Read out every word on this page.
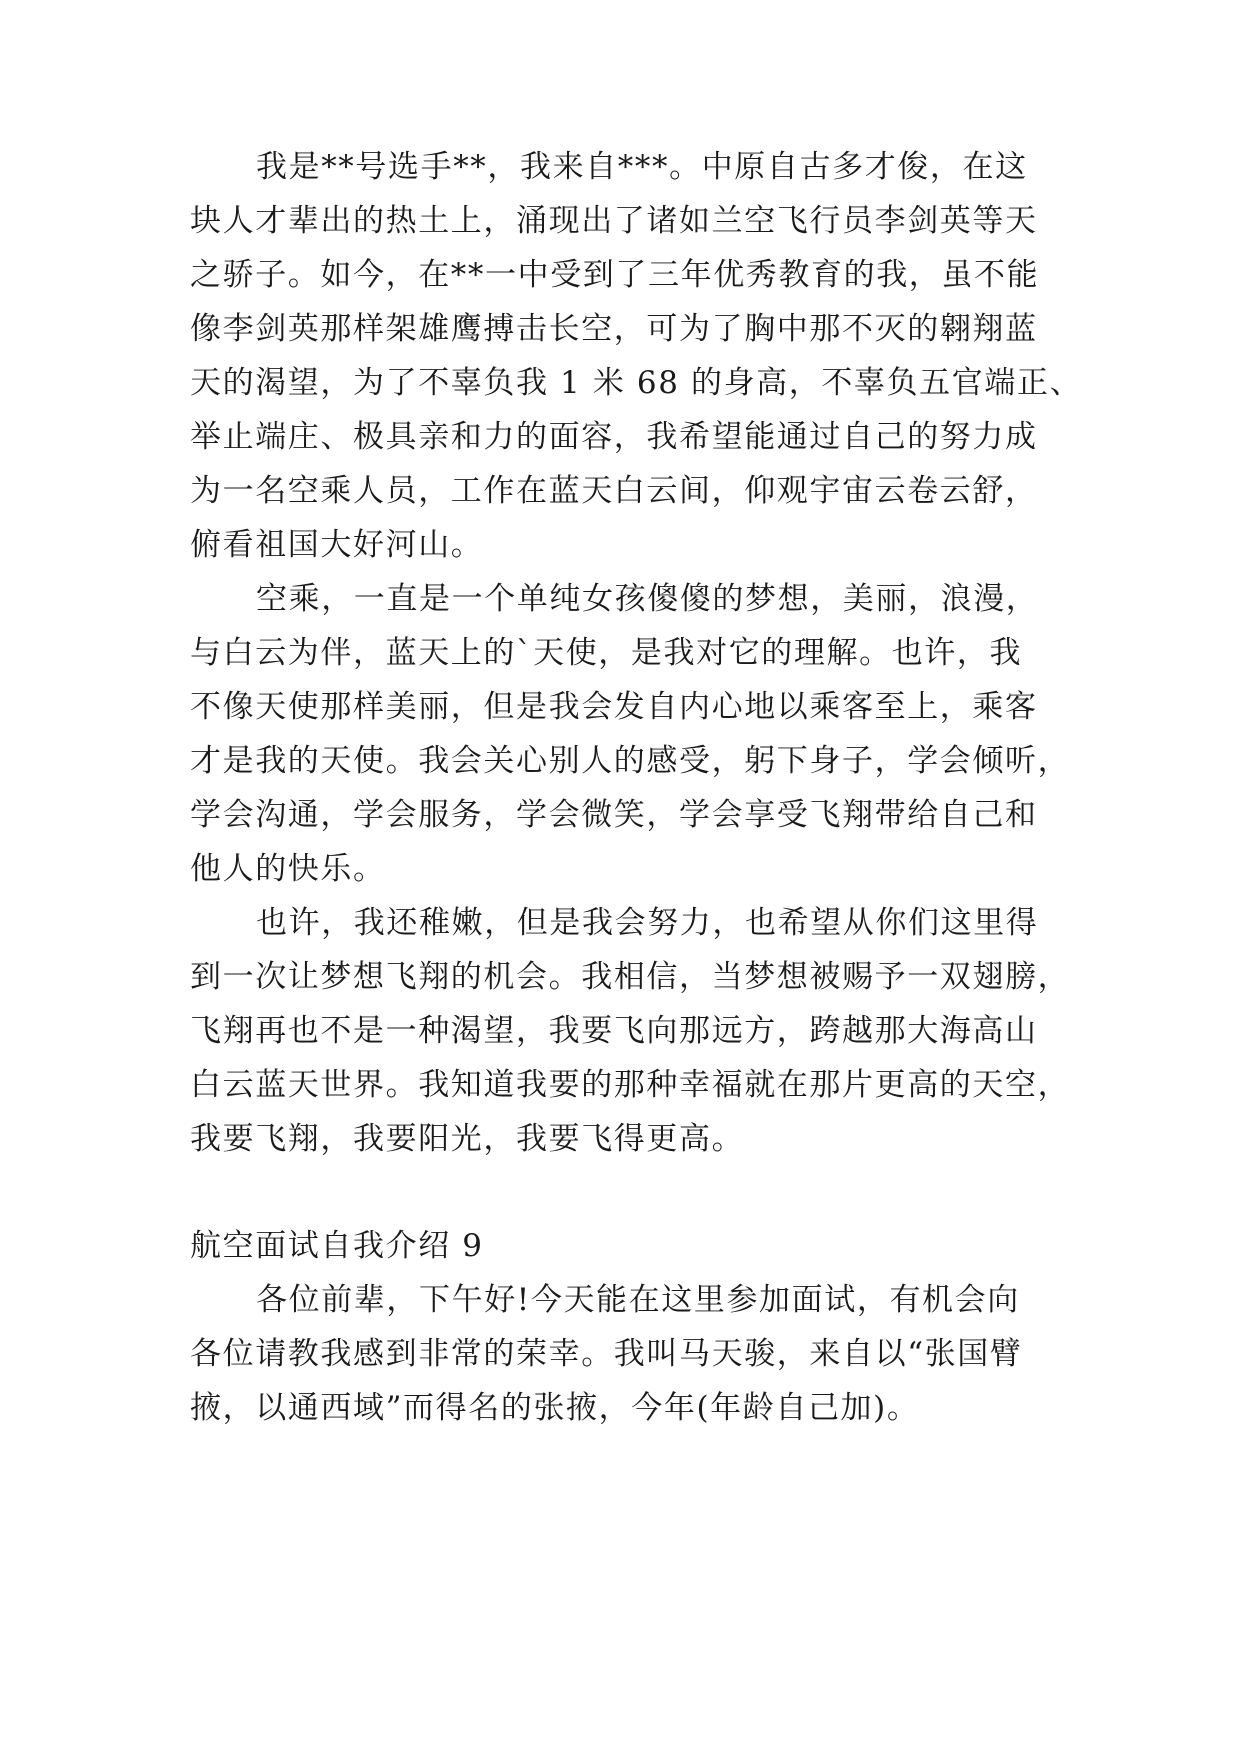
我是**号选手**，我来自***。中原自古多才俊，在这
块人才辈出的热土上，涌现出了诸如兰空飞行员李剑英等天
之骄子。如今，在**一中受到了三年优秀教育的我，虽不能
像李剑英那样架雄鹰搏击长空，可为了胸中那不灭的翱翔蓝
天的渴望，为了不辜负我 1 米 68 的身高，不辜负五官端正、
举止端庄、极具亲和力的面容，我希望能通过自己的努力成
为一名空乘人员，工作在蓝天白云间，仰观宇宙云卷云舒，
俯看祖国大好河山。
空乘，一直是一个单纯女孩傻傻的梦想，美丽，浪漫，
与白云为伴，蓝天上的`天使，是我对它的理解。也许，我
不像天使那样美丽，但是我会发自内心地以乘客至上，乘客
才是我的天使。我会关心别人的感受，躬下身子，学会倾听，
学会沟通，学会服务，学会微笑，学会享受飞翔带给自己和
他人的快乐。
也许，我还稚嫩，但是我会努力，也希望从你们这里得
到一次让梦想飞翔的机会。我相信，当梦想被赐予一双翅膀，
飞翔再也不是一种渴望，我要飞向那远方，跨越那大海高山
白云蓝天世界。我知道我要的那种幸福就在那片更高的天空，
我要飞翔，我要阳光，我要飞得更高。
航空面试自我介绍 9
各位前辈，下午好!今天能在这里参加面试，有机会向
各位请教我感到非常的荣幸。我叫马天骏，来自以“张国臂
掖，以通西域”而得名的张掖，今年(年龄自己加)。
